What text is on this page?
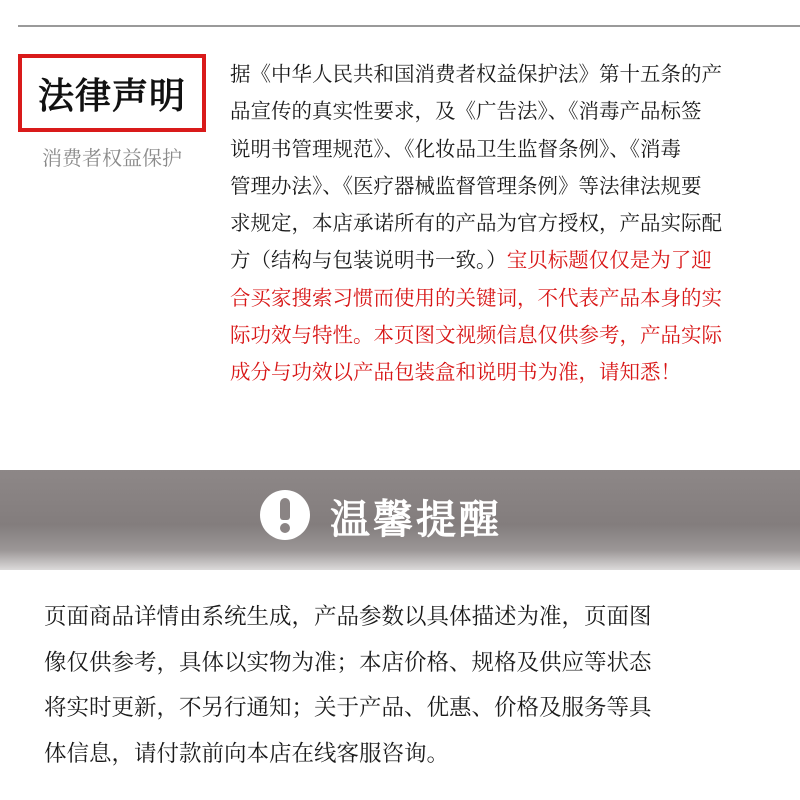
法律声明
消费者权益保护
据《中华人民共和国消费者权益保护法》第十五条的产
品宣传的真实性要求，及《广告法》、《消毒产品标签
说明书管理规范》、《化妆品卫生监督条例》、《消毒
管理办法》、《医疗器械监督管理条例》等法律法规要
求规定，本店承诺所有的产品为官方授权，产品实际配
方（结构与包装说明书一致。）宝贝标题仅仅是为了迎
合买家搜索习惯而使用的关键词，不代表产品本身的实
际功效与特性。本页图文视频信息仅供参考，产品实际
成分与功效以产品包装盒和说明书为准，请知悉！
温馨提醒
页面商品详情由系统生成，产品参数以具体描述为准，页面图
像仅供参考，具体以实物为准；本店价格、规格及供应等状态
将实时更新，不另行通知；关于产品、优惠、价格及服务等具
体信息，请付款前向本店在线客服咨询。
